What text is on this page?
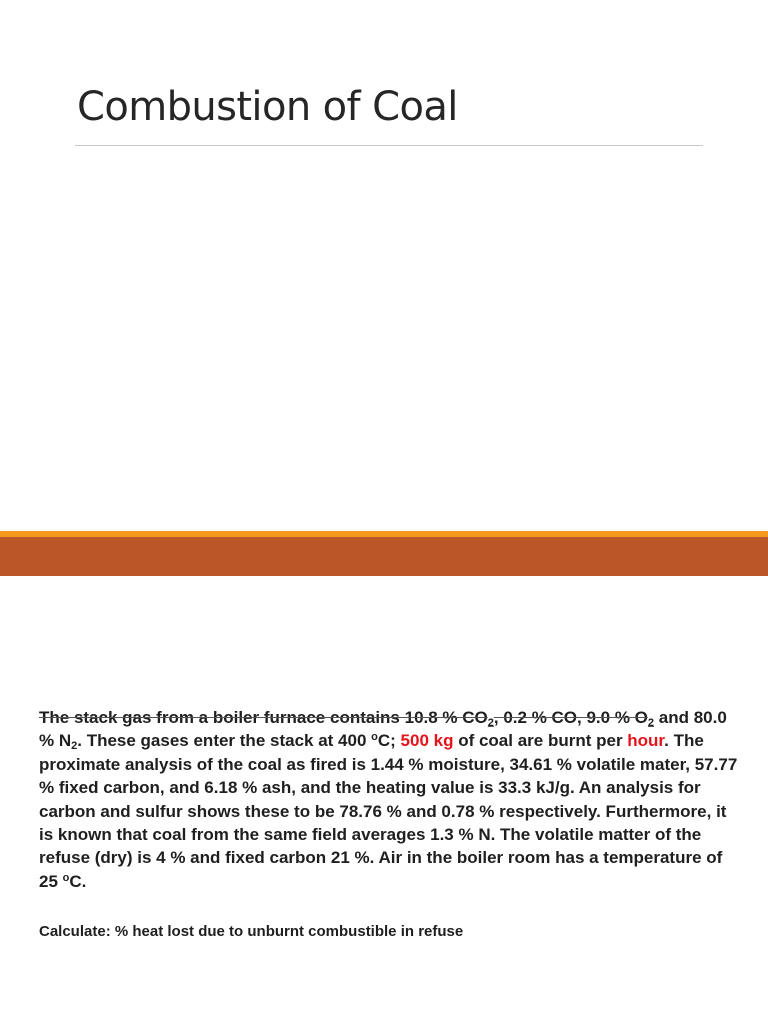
Combustion of Coal

The stack gas from a boiler furnace contains 10.8 % $CO_2$, 0.2 % CO, 9.0 % $O_2$ and 80.0 % $N_2$. These gases enter the stack at 400 $^o$C; 500 kg of coal are burnt per hour. The proximate analysis of the coal as fired is 1.44 % moisture, 34.61 % volatile mater, 57.77 % fixed carbon, and 6.18 % ash, and the heating value is 33.3 kJ/g. An analysis for carbon and sulfur shows these to be 78.76 % and 0.78 % respectively. Furthermore, it is known that coal from the same field averages 1.3 % N. The volatile matter of the refuse (dry) is 4 % and fixed carbon 21 %. Air in the boiler room has a temperature of 25 $^o$C.

Calculate: % heat lost due to unburnt combustible in refuse
